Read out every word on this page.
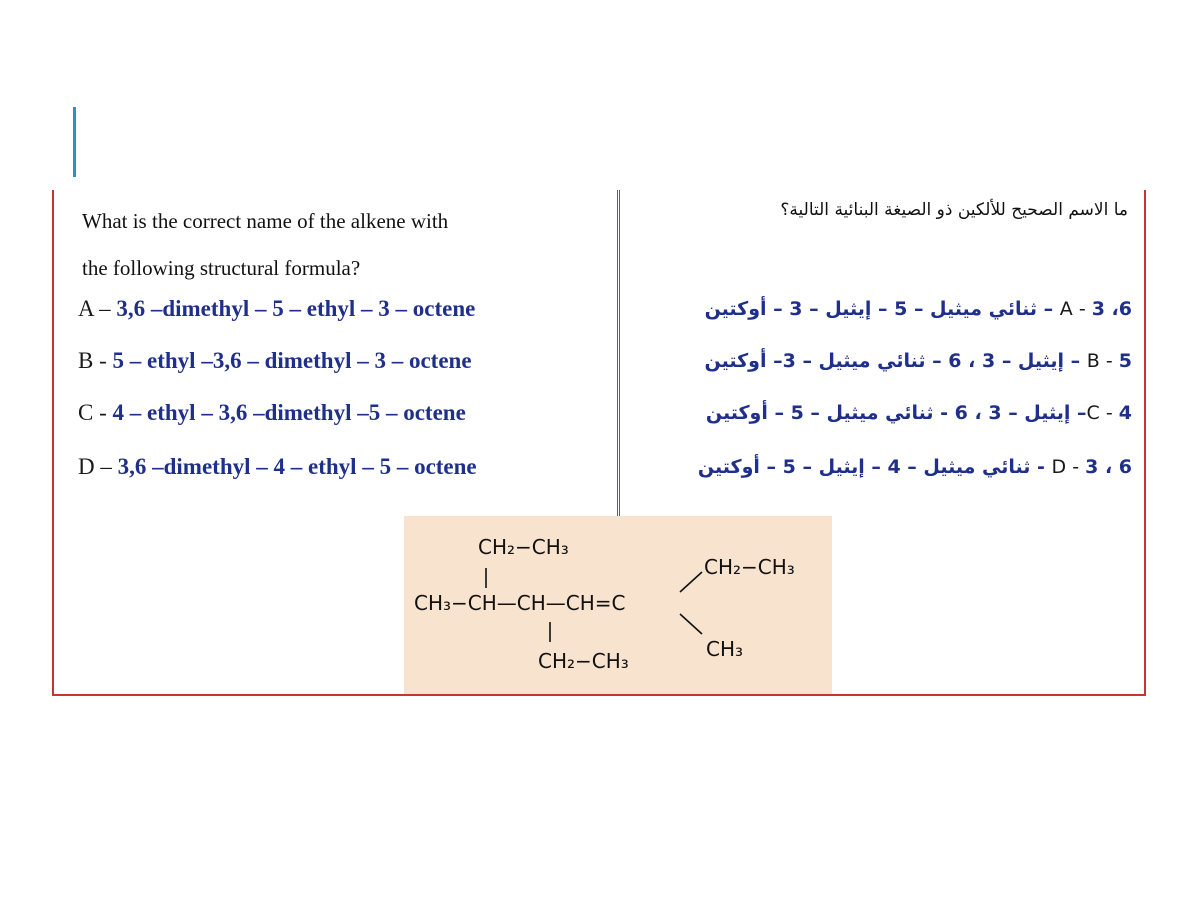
What is the correct name of the alkene with
the following structural formula?
ما الاسم الصحيح للألكين ذو الصيغة البنائية التالية؟
A – 3,6 –dimethyl – 5 – ethyl – 3 – octene
B - 5 – ethyl –3,6 – dimethyl – 3 – octene
C - 4 – ethyl – 3,6 –dimethyl –5 – octene
D – 3,6 –dimethyl – 4 – ethyl – 5 – octene
A - 3 ،6 – ثنائي ميثيل – 5 – إيثيل – 3 – أوكتين
B - 5 – إيثيل – 3 ، 6 – ثنائي ميثيل – 3– أوكتين
C - 4– إيثيل – 3 ، 6 - ثنائي ميثيل – 5 – أوكتين
D - 3 ، 6 - ثنائي ميثيل – 4 – إيثيل – 5 – أوكتين
CH₂−CH₃
CH₃−CH—CH—CH=C
CH₂−CH₃
CH₂−CH₃
CH₃
